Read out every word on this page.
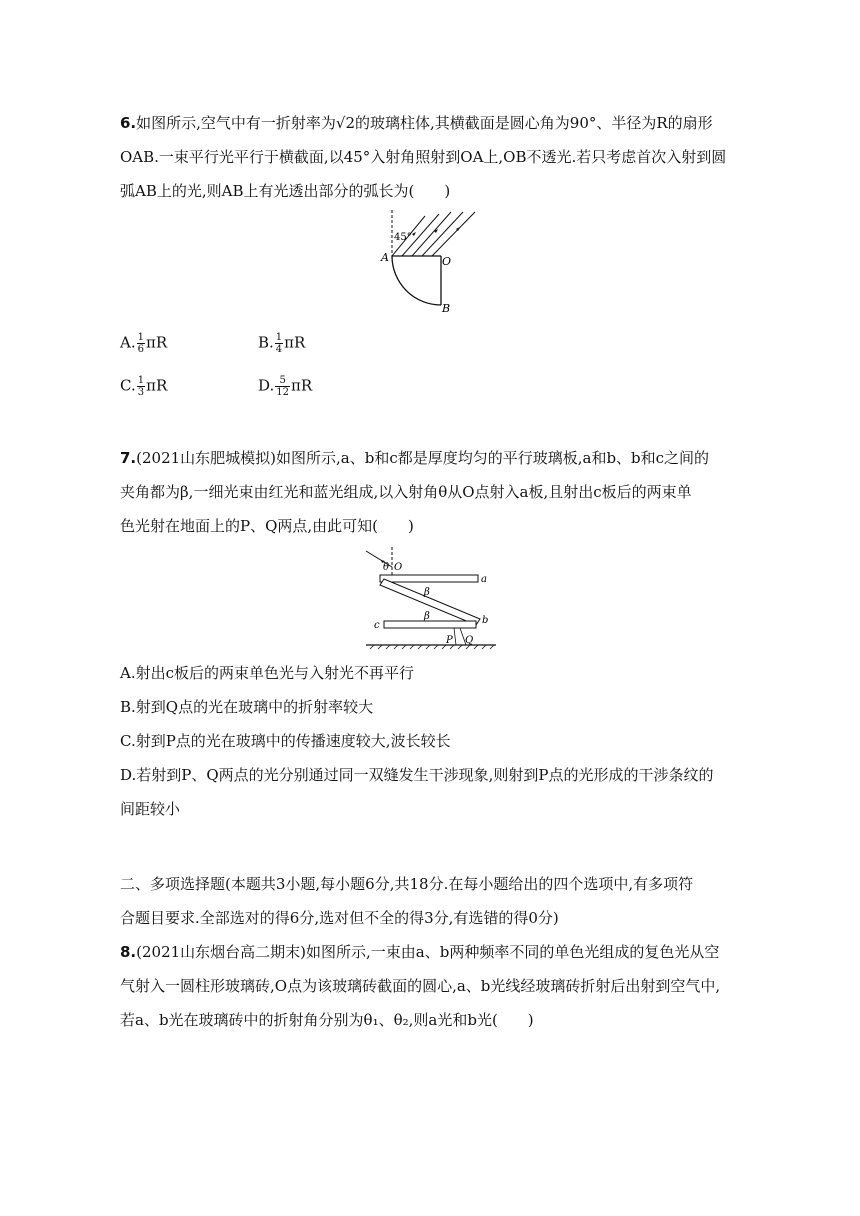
6.如图所示,空气中有一折射率为√2的玻璃柱体,其横截面是圆心角为90°、半径为R的扇形
OAB.一束平行光平行于横截面,以45°入射角照射到OA上,OB不透光.若只考虑首次入射到圆
弧AB上的光,则AB上有光透出部分的弧长为(　　)
45°
A	O
B
A. $\frac{1}{6}$ πR	B. $\frac{1}{4}$ πR
C. $\frac{1}{3}$ πR	D. $\frac{5}{12}$ πR
7.(2021山东肥城模拟)如图所示,a、b和c都是厚度均匀的平行玻璃板,a和b、b和c之间的
夹角都为β,一细光束由红光和蓝光组成,以入射角θ从O点射入a板,且射出c板后的两束单
色光射在地面上的P、Q两点,由此可知(　　)
θ O
a
b
c
β
β
P Q
A.射出c板后的两束单色光与入射光不再平行
B.射到Q点的光在玻璃中的折射率较大
C.射到P点的光在玻璃中的传播速度较大,波长较长
D.若射到P、Q两点的光分别通过同一双缝发生干涉现象,则射到P点的光形成的干涉条纹的
间距较小
二、多项选择题(本题共3小题,每小题6分,共18分.在每小题给出的四个选项中,有多项符
合题目要求.全部选对的得6分,选对但不全的得3分,有选错的得0分)
8.(2021山东烟台高二期末)如图所示,一束由a、b两种频率不同的单色光组成的复色光从空
气射入一圆柱形玻璃砖,O点为该玻璃砖截面的圆心,a、b光线经玻璃砖折射后出射到空气中,
若a、b光在玻璃砖中的折射角分别为θ₁、θ₂,则a光和b光(　　)
